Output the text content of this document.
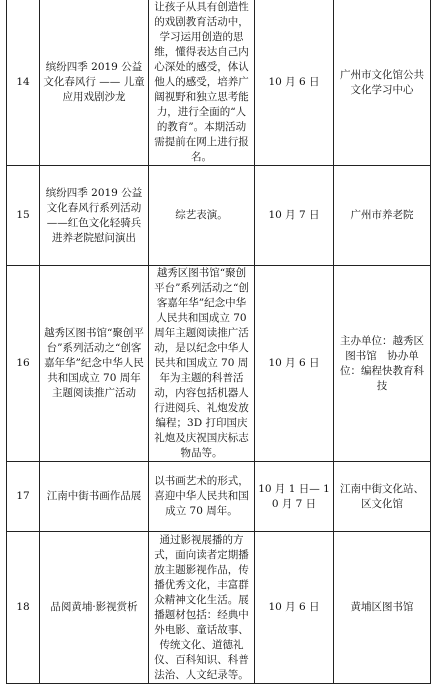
14	缤纷四季 2019 公益文化春风行 —— 儿童应用戏剧沙龙	让孩子从具有创造性的戏剧教育活动中，学习运用创造的思维，懂得表达自己内心深处的感受，体认他人的感受，培养广阔视野和独立思考能力，进行全面的“人的教育”。本期活动需提前在网上进行报名。	10 月 6 日	广州市文化馆公共文化学习中心
15	缤纷四季 2019 公益文化春风行系列活动——红色文化轻骑兵进养老院慰问演出	综艺表演。	10 月 7 日	广州市养老院
16	越秀区图书馆“聚创平台”系列活动之“创客嘉年华”纪念中华人民共和国成立 70 周年主题阅读推广活动	越秀区图书馆“聚创平台”系列活动之“创客嘉年华”纪念中华人民共和国成立 70 周年主题阅读推广活动，是以纪念中华人民共和国成立 70 周年为主题的科普活动，内容包括机器人行进阅兵、礼炮发放编程；3D 打印国庆礼炮及庆祝国庆标志物品等。	10 月 6 日	主办单位：越秀区图书馆　协办单位：编程快教育科技
17	江南中街书画作品展	以书画艺术的形式，喜迎中华人民共和国成立 70 周年。	10 月 1 日— 10 月 7 日	江南中街文化站、区文化馆
18	品阅黄埔·影视赏析	通过影视展播的方式，面向读者定期播放主题影视作品，传播优秀文化，丰富群众精神文化生活。展播题材包括：经典中外电影、童话故事、传统文化、道德礼仪、百科知识、科普法治、人文纪录等。	10 月 6 日	黄埔区图书馆
